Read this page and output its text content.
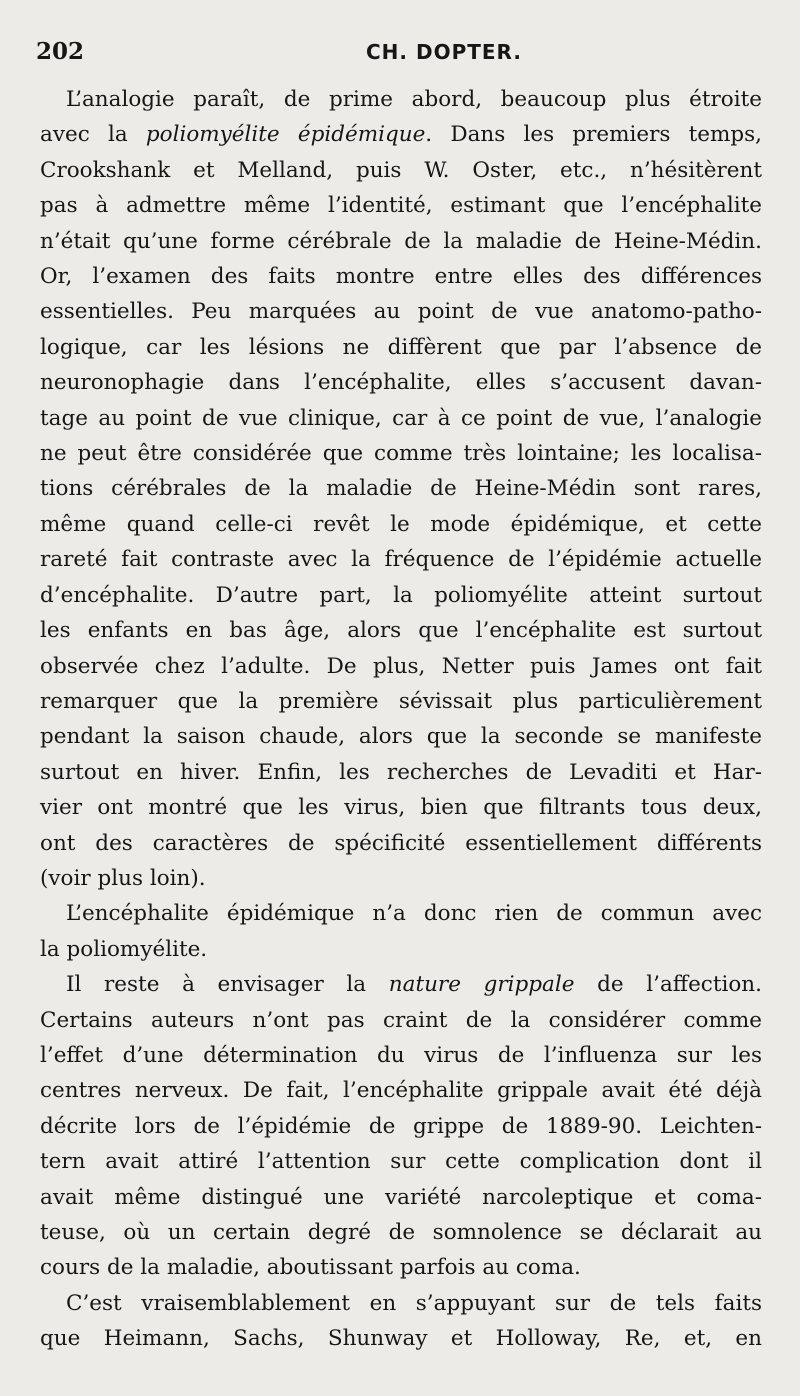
202	CH. DOPTER.
L’analogie paraît, de prime abord, beaucoup plus étroite
avec la poliomyélite épidémique. Dans les premiers temps,
Crookshank et Melland, puis W. Oster, etc., n’hésitèrent
pas à admettre même l’identité, estimant que l’encéphalite
n’était qu’une forme cérébrale de la maladie de Heine-Médin.
Or, l’examen des faits montre entre elles des différences
essentielles. Peu marquées au point de vue anatomo-patho-
logique, car les lésions ne diffèrent que par l’absence de
neuronophagie dans l’encéphalite, elles s’accusent davan-
tage au point de vue clinique, car à ce point de vue, l’analogie
ne peut être considérée que comme très lointaine; les localisa-
tions cérébrales de la maladie de Heine-Médin sont rares,
même quand celle-ci revêt le mode épidémique, et cette
rareté fait contraste avec la fréquence de l’épidémie actuelle
d’encéphalite. D’autre part, la poliomyélite atteint surtout
les enfants en bas âge, alors que l’encéphalite est surtout
observée chez l’adulte. De plus, Netter puis James ont fait
remarquer que la première sévissait plus particulièrement
pendant la saison chaude, alors que la seconde se manifeste
surtout en hiver. Enfin, les recherches de Levaditi et Har-
vier ont montré que les virus, bien que filtrants tous deux,
ont des caractères de spécificité essentiellement différents
(voir plus loin).
L’encéphalite épidémique n’a donc rien de commun avec
la poliomyélite.
Il reste à envisager la nature grippale de l’affection.
Certains auteurs n’ont pas craint de la considérer comme
l’effet d’une détermination du virus de l’influenza sur les
centres nerveux. De fait, l’encéphalite grippale avait été déjà
décrite lors de l’épidémie de grippe de 1889-90. Leichten-
tern avait attiré l’attention sur cette complication dont il
avait même distingué une variété narcoleptique et coma-
teuse, où un certain degré de somnolence se déclarait au
cours de la maladie, aboutissant parfois au coma.
C’est vraisemblablement en s’appuyant sur de tels faits
que Heimann, Sachs, Shunway et Holloway, Re, et, en
